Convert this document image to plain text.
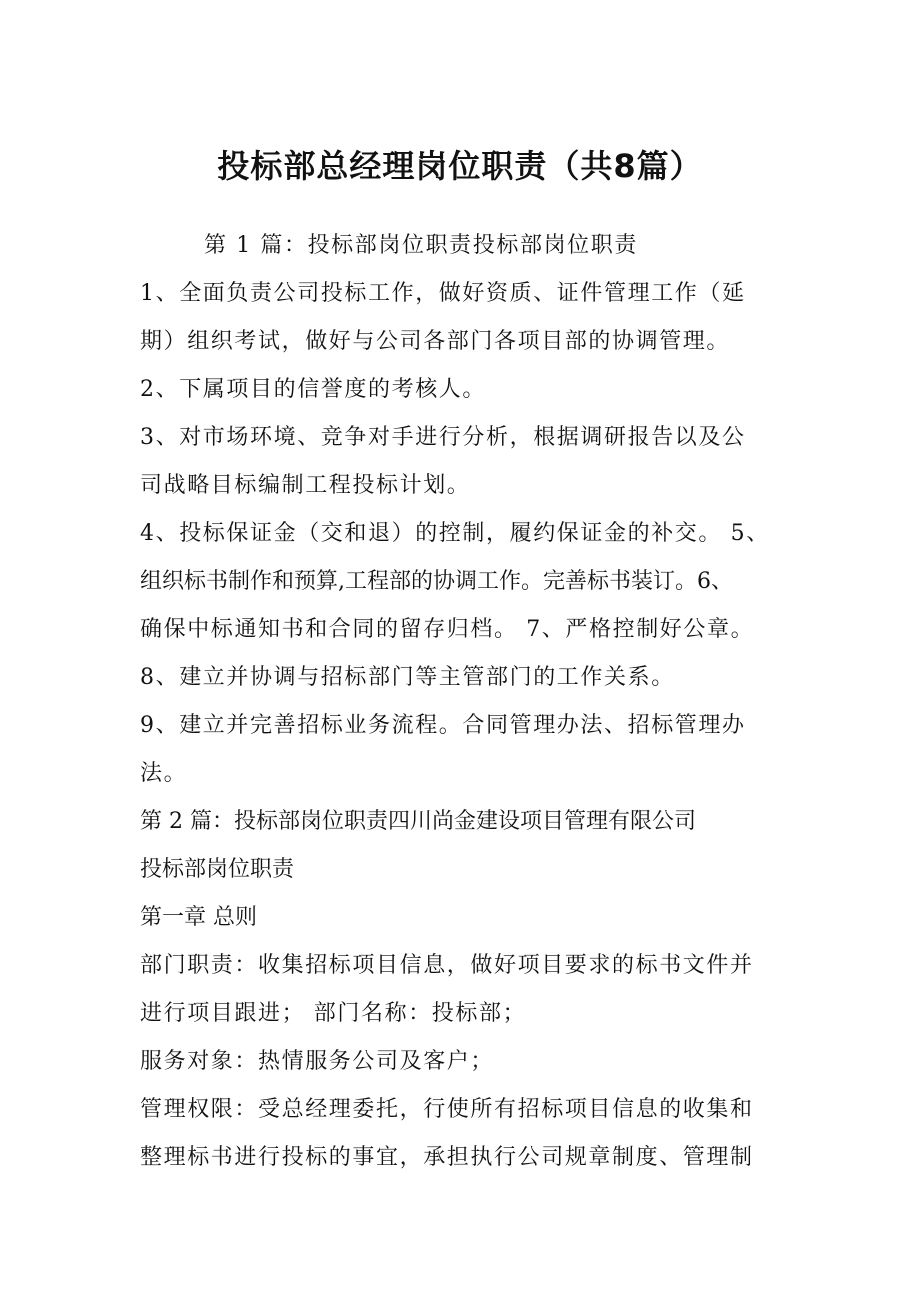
投标部总经理岗位职责（共8篇）
第 1 篇：投标部岗位职责投标部岗位职责
1、全面负责公司投标工作，做好资质、证件管理工作（延
期）组织考试，做好与公司各部门各项目部的协调管理。
2、下属项目的信誉度的考核人。
3、对市场环境、竞争对手进行分析，根据调研报告以及公
司战略目标编制工程投标计划。
4、投标保证金（交和退）的控制，履约保证金的补交。 5、
组织标书制作和预算,工程部的协调工作。完善标书装订。6、
确保中标通知书和合同的留存归档。 7、严格控制好公章。
8、建立并协调与招标部门等主管部门的工作关系。
9、建立并完善招标业务流程。合同管理办法、招标管理办
法。
第 2 篇：投标部岗位职责四川尚金建设项目管理有限公司
投标部岗位职责
第一章 总则
部门职责：收集招标项目信息，做好项目要求的标书文件并
进行项目跟进； 部门名称：投标部；
服务对象：热情服务公司及客户；
管理权限：受总经理委托，行使所有招标项目信息的收集和
整理标书进行投标的事宜，承担执行公司规章制度、管理制
